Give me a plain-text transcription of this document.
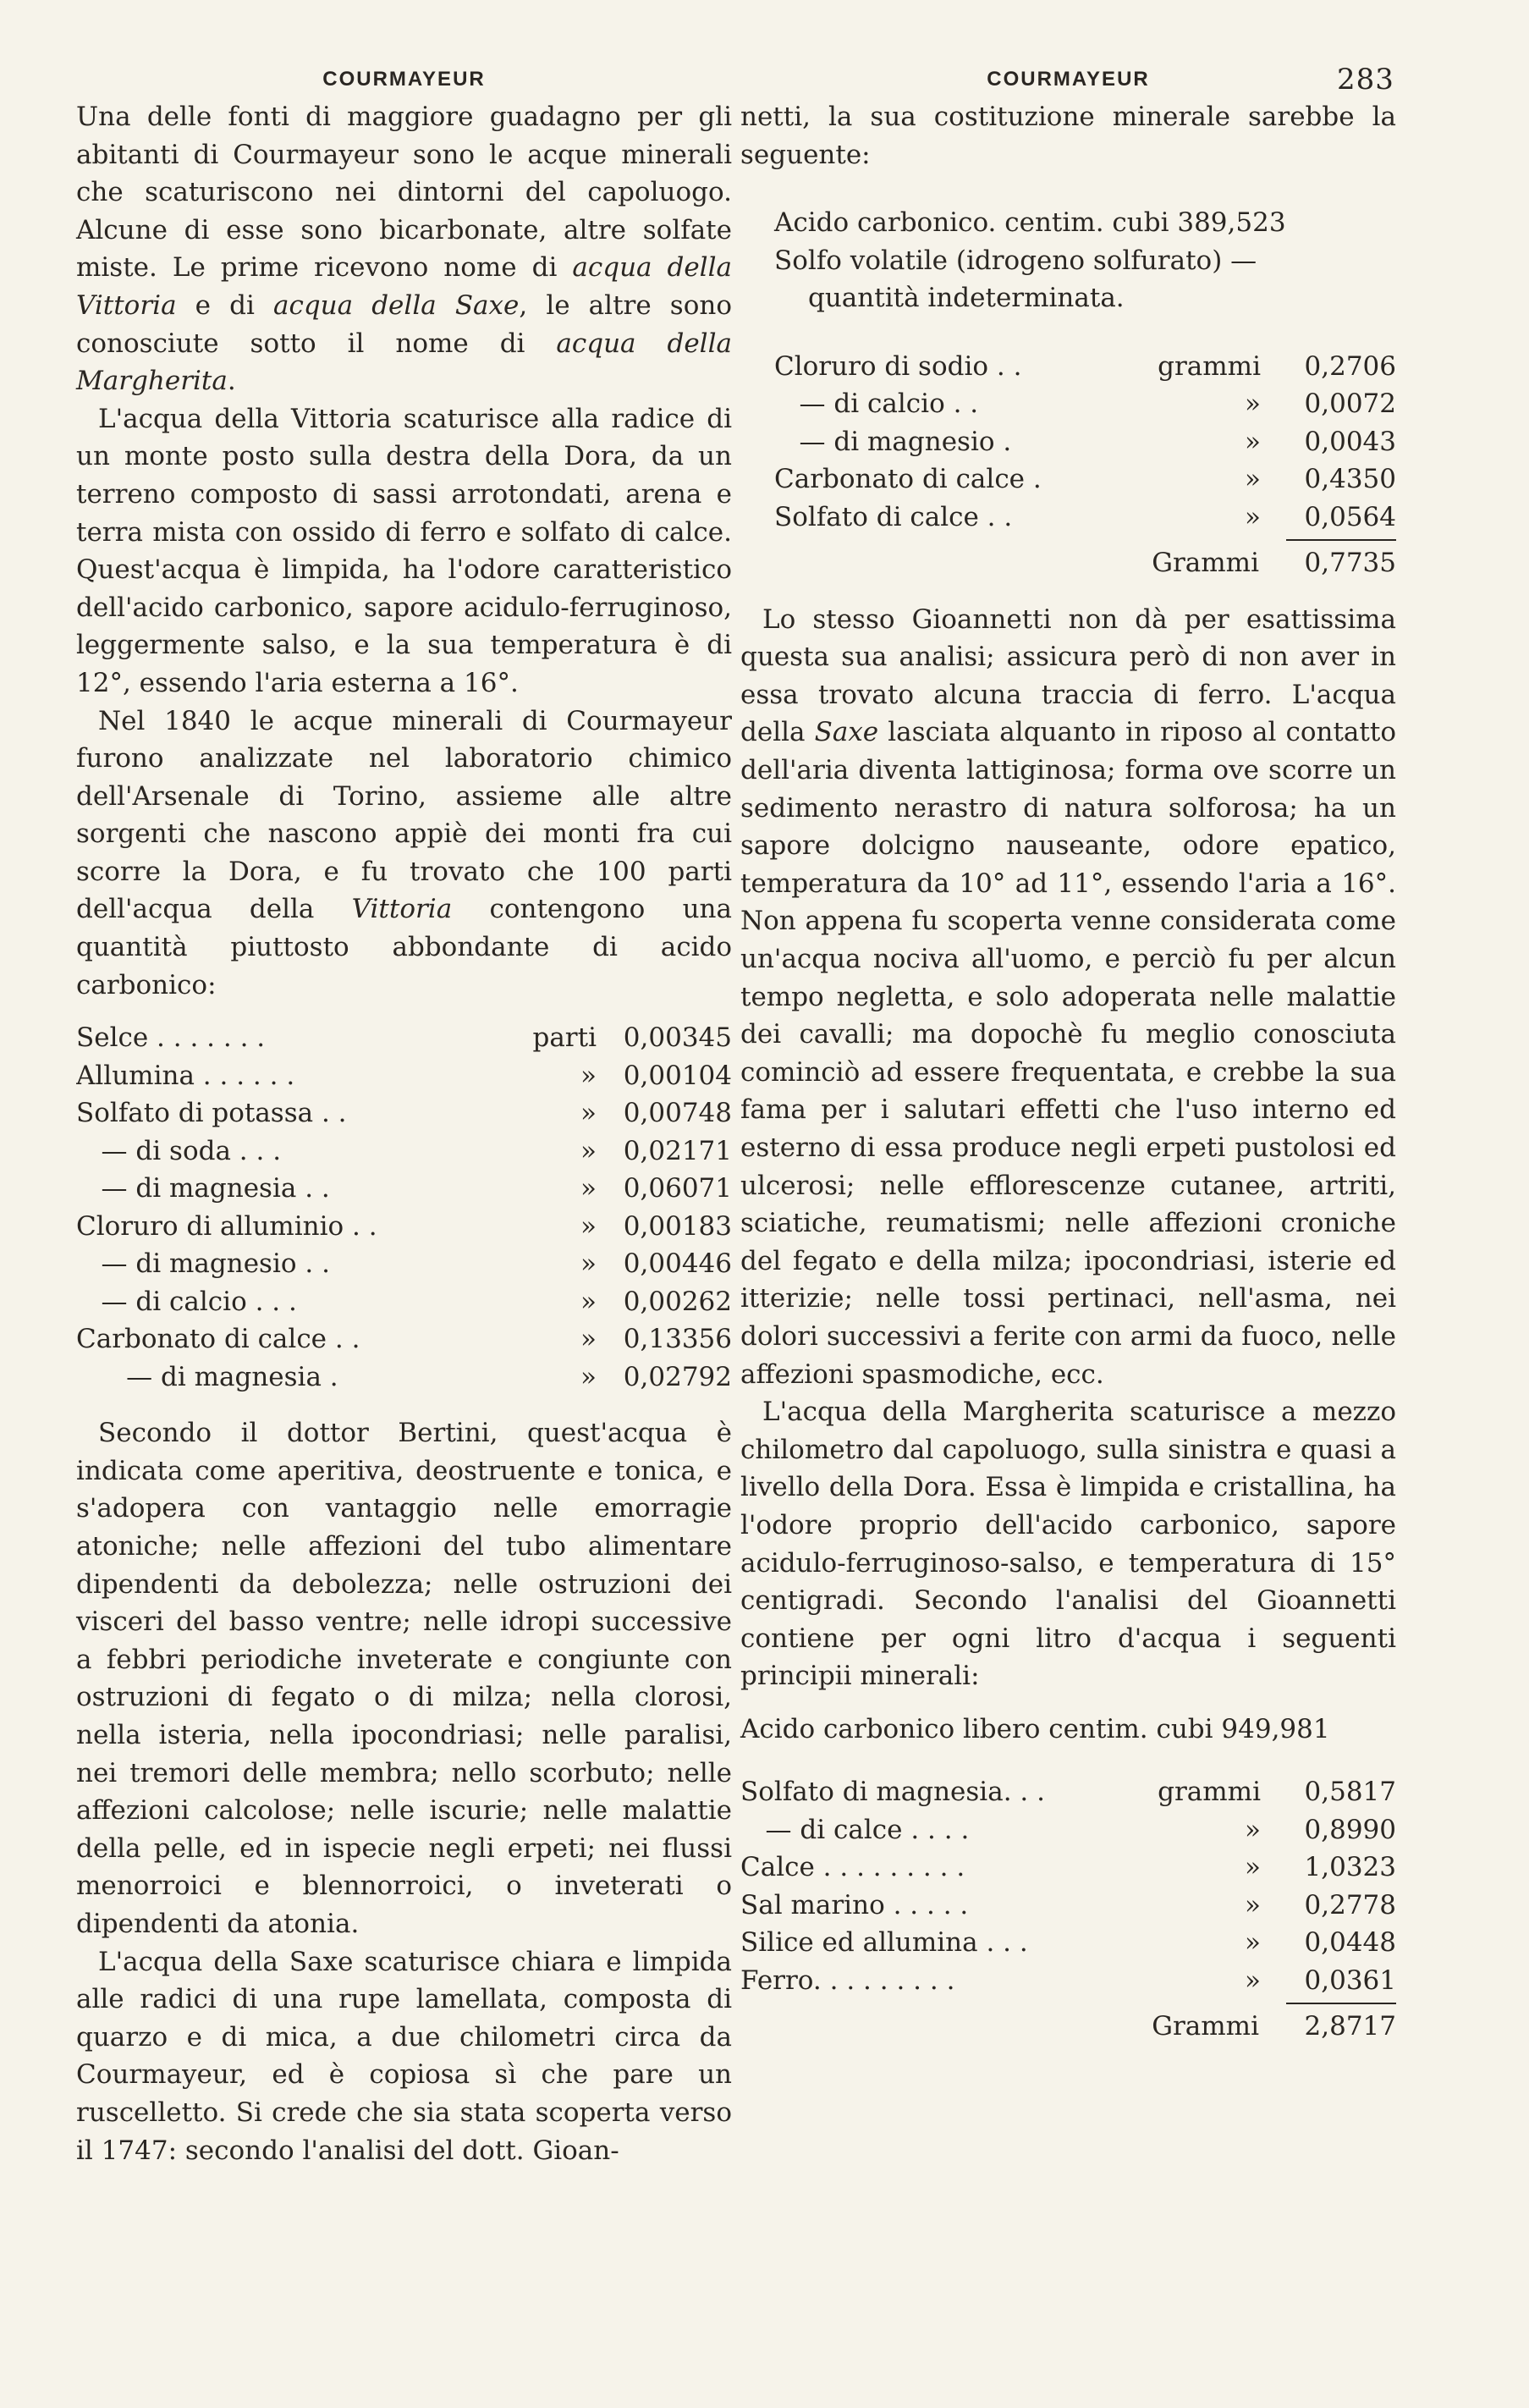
283
COURMAYEUR

Una delle fonti di maggiore guadagno per gli abitanti di Courmayeur sono le acque minerali che scaturiscono nei dintorni del capoluogo. Alcune di esse sono bicarbonate, altre solfate miste. Le prime ricevono nome di acqua della Vittoria e di acqua della Saxe, le altre sono conosciute sotto il nome di acqua della Margherita.

L'acqua della Vittoria scaturisce alla radice di un monte posto sulla destra della Dora, da un terreno composto di sassi arrotondati, arena e terra mista con ossido di ferro e solfato di calce. Quest'acqua è limpida, ha l'odore caratteristico dell'acido carbonico, sapore acidulo-ferruginoso, leggermente salso, e la sua temperatura è di 12°, essendo l'aria esterna a 16°.

Nel 1840 le acque minerali di Courmayeur furono analizzate nel laboratorio chimico dell'Arsenale di Torino, assieme alle altre sorgenti che nascono appiè dei monti fra cui scorre la Dora, e fu trovato che 100 parti dell'acqua della Vittoria contengono una quantità piuttosto abbondante di acido carbonico:

Selce . . . . . . .	parti	0,00345
Allumina . . . . . .	»	0,00104
Solfato di potassa . .	»	0,00748
— di soda . . .	»	0,02171
— di magnesia . .	»	0,06071
Cloruro di alluminio . .	»	0,00183
— di magnesio . .	»	0,00446
— di calcio . . .	»	0,00262
Carbonato di calce . .	»	0,13356
— di magnesia .	»	0,02792

Secondo il dottor Bertini, quest'acqua è indicata come aperitiva, deostruente e tonica, e s'adopera con vantaggio nelle emorragie atoniche; nelle affezioni del tubo alimentare dipendenti da debolezza; nelle ostruzioni dei visceri del basso ventre; nelle idropi successive a febbri periodiche inveterate e congiunte con ostruzioni di fegato o di milza; nella clorosi, nella isteria, nella ipocondriasi; nelle paralisi, nei tremori delle membra; nello scorbuto; nelle affezioni calcolose; nelle iscurie; nelle malattie della pelle, ed in ispecie negli erpeti; nei flussi menorroici e blennorroici, o inveterati o dipendenti da atonia.

L'acqua della Saxe scaturisce chiara e limpida alle radici di una rupe lamellata, composta di quarzo e di mica, a due chilometri circa da Courmayeur, ed è copiosa sì che pare un ruscelletto. Si crede che sia stata scoperta verso il 1747: secondo l'analisi del dott. Gioan-

COURMAYEUR

netti, la sua costituzione minerale sarebbe la seguente:

Acido carbonico. centim. cubi 389,523
Solfo volatile (idrogeno solfurato) —
quantità indeterminata.
Cloruro di sodio . .	grammi	0,2706
— di calcio . .	»	0,0072
— di magnesio .	»	0,0043
Carbonato di calce .	»	0,4350
Solfato di calce . .	»	0,0564
Grammi	0,7735

Lo stesso Gioannetti non dà per esattissima questa sua analisi; assicura però di non aver in essa trovato alcuna traccia di ferro. L'acqua della Saxe lasciata alquanto in riposo al contatto dell'aria diventa lattiginosa; forma ove scorre un sedimento nerastro di natura solforosa; ha un sapore dolcigno nauseante, odore epatico, temperatura da 10° ad 11°, essendo l'aria a 16°. Non appena fu scoperta venne considerata come un'acqua nociva all'uomo, e perciò fu per alcun tempo negletta, e solo adoperata nelle malattie dei cavalli; ma dopochè fu meglio conosciuta cominciò ad essere frequentata, e crebbe la sua fama per i salutari effetti che l'uso interno ed esterno di essa produce negli erpeti pustolosi ed ulcerosi; nelle efflorescenze cutanee, artriti, sciatiche, reumatismi; nelle affezioni croniche del fegato e della milza; ipocondriasi, isterie ed itterizie; nelle tossi pertinaci, nell'asma, nei dolori successivi a ferite con armi da fuoco, nelle affezioni spasmodiche, ecc.

L'acqua della Margherita scaturisce a mezzo chilometro dal capoluogo, sulla sinistra e quasi a livello della Dora. Essa è limpida e cristallina, ha l'odore proprio dell'acido carbonico, sapore acidulo-ferruginoso-salso, e temperatura di 15° centigradi. Secondo l'analisi del Gioannetti contiene per ogni litro d'acqua i seguenti principii minerali:

Acido carbonico libero centim. cubi 949,981
Solfato di magnesia. . .	grammi	0,5817
— di calce . . . .	»	0,8990
Calce . . . . . . . . .	»	1,0323
Sal marino . . . . .	»	0,2778
Silice ed allumina . . .	»	0,0448
Ferro. . . . . . . . .	»	0,0361
Grammi	2,8717
